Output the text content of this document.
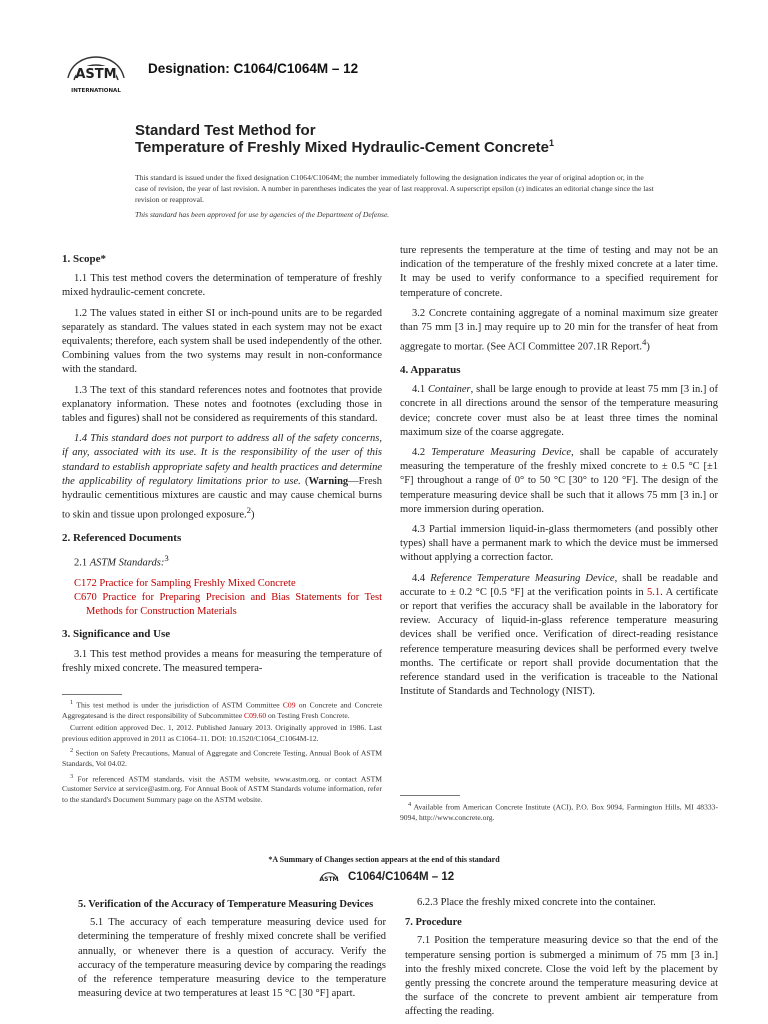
ASTM
INTERNATIONAL
Designation: C1064/C1064M – 12
Standard Test Method for
Temperature of Freshly Mixed Hydraulic-Cement Concrete$^1$

This standard is issued under the fixed designation C1064/C1064M; the number immediately following the designation indicates the year of original adoption or, in the case of revision, the year of last revision. A number in parentheses indicates the year of last reapproval. A superscript epsilon (ε) indicates an editorial change since the last revision or reapproval.

This standard has been approved for use by agencies of the Department of Defense.

1. Scope*

1.1 This test method covers the determination of temperature of freshly mixed hydraulic-cement concrete.

1.2 The values stated in either SI or inch-pound units are to be regarded separately as standard. The values stated in each system may not be exact equivalents; therefore, each system shall be used independently of the other. Combining values from the two systems may result in non-conformance with the standard.

1.3 The text of this standard references notes and footnotes that provide explanatory information. These notes and footnotes (excluding those in tables and figures) shall not be considered as requirements of this standard.

1.4 This standard does not purport to address all of the safety concerns, if any, associated with its use. It is the responsibility of the user of this standard to establish appropriate safety and health practices and determine the applicability of regulatory limitations prior to use. (Warning—Fresh hydraulic cementitious mixtures are caustic and may cause chemical burns to skin and tissue upon prolonged exposure.$^2$)

2. Referenced Documents

2.1 ASTM Standards:$^3$

C172 Practice for Sampling Freshly Mixed Concrete
C670 Practice for Preparing Precision and Bias Statements for Test Methods for Construction Materials
3. Significance and Use

3.1 This test method provides a means for measuring the temperature of freshly mixed concrete. The measured tempera-

ture represents the temperature at the time of testing and may not be an indication of the temperature of the freshly mixed concrete at a later time. It may be used to verify conformance to a specified requirement for temperature of concrete.

3.2 Concrete containing aggregate of a nominal maximum size greater than 75 mm [3 in.] may require up to 20 min for the transfer of heat from aggregate to mortar. (See ACI Committee 207.1R Report.$^4$)

4. Apparatus

4.1 Container, shall be large enough to provide at least 75 mm [3 in.] of concrete in all directions around the sensor of the temperature measuring device; concrete cover must also be at least three times the nominal maximum size of the coarse aggregate.

4.2 Temperature Measuring Device, shall be capable of accurately measuring the temperature of the freshly mixed concrete to ± 0.5 °C [±1 °F] throughout a range of 0° to 50 °C [30° to 120 °F]. The design of the temperature measuring device shall be such that it allows 75 mm [3 in.] or more immersion during operation.

4.3 Partial immersion liquid-in-glass thermometers (and possibly other types) shall have a permanent mark to which the device must be immersed without applying a correction factor.

4.4 Reference Temperature Measuring Device, shall be readable and accurate to ± 0.2 °C [0.5 °F] at the verification points in 5.1. A certificate or report that verifies the accuracy shall be available in the laboratory for review. Accuracy of liquid-in-glass reference temperature measuring devices shall be verified once. Verification of direct-reading resistance reference temperature measuring devices shall be performed every twelve months. The certificate or report shall provide documentation that the reference standard used in the verification is traceable to the National Institute of Standards and Technology (NIST).

$^1$ This test method is under the jurisdiction of ASTM Committee C09 on Concrete and Concrete Aggregatesand is the direct responsibility of Subcommittee C09.60 on Testing Fresh Concrete.

Current edition approved Dec. 1, 2012. Published January 2013. Originally approved in 1986. Last previous edition approved in 2011 as C1064–11. DOI: 10.1520/C1064_C1064M-12.

$^2$ Section on Safety Precautions, Manual of Aggregate and Concrete Testing, Annual Book of ASTM Standards, Vol 04.02.

$^3$ For referenced ASTM standards, visit the ASTM website, www.astm.org, or contact ASTM Customer Service at service@astm.org. For Annual Book of ASTM Standards volume information, refer to the standard's Document Summary page on the ASTM website.

$^4$ Available from American Concrete Institute (ACI), P.O. Box 9094, Farmington Hills, MI 48333-9094, http://www.concrete.org.

*A Summary of Changes section appears at the end of this standard
ASTM C1064/C1064M – 12
5. Verification of the Accuracy of Temperature Measuring Devices

5.1 The accuracy of each temperature measuring device used for determining the temperature of freshly mixed concrete shall be verified annually, or whenever there is a question of accuracy. Verify the accuracy of the temperature measuring device by comparing the readings of the reference temperature measuring device to the temperature measuring device at two temperatures at least 15 °C [30 °F] apart.

6.2.3 Place the freshly mixed concrete into the container.

7. Procedure

7.1 Position the temperature measuring device so that the end of the temperature sensing portion is submerged a minimum of 75 mm [3 in.] into the freshly mixed concrete. Close the void left by the placement by gently pressing the concrete around the temperature measuring device at the surface of the concrete to prevent ambient air temperature from affecting the reading.
